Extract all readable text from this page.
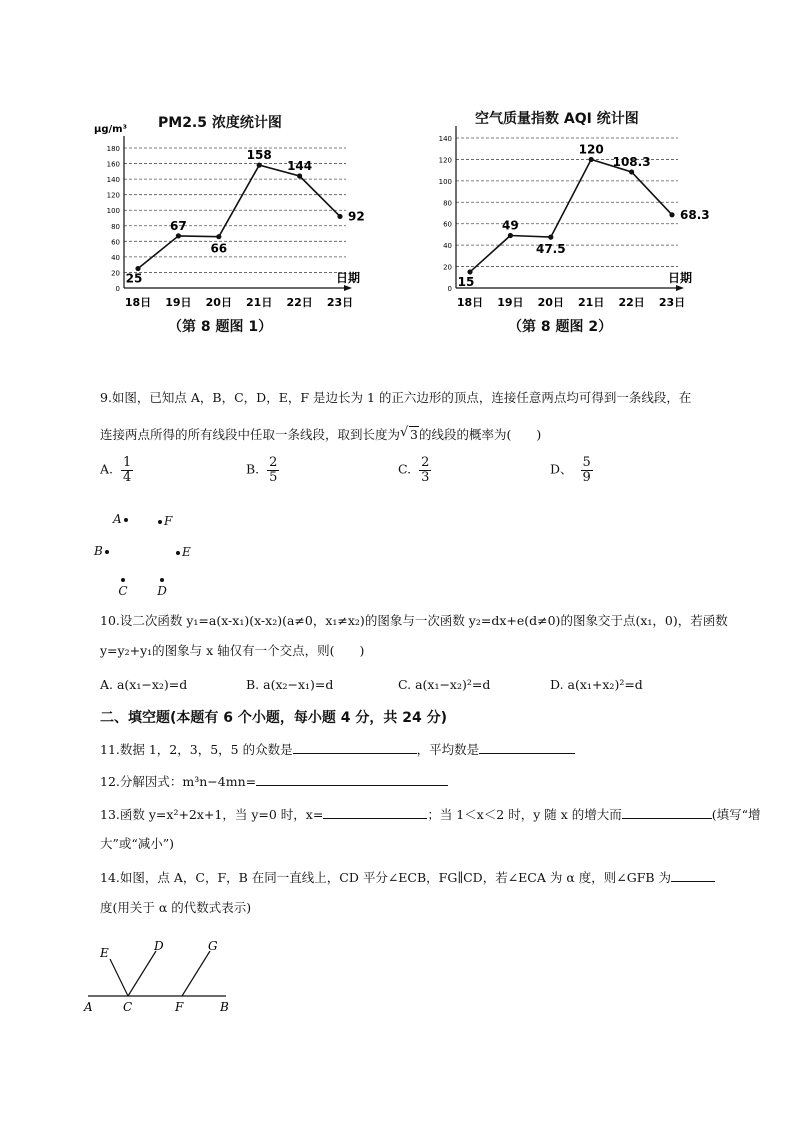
PM2.5 浓度统计图
（第 8 题图 1）
0
20
40
60
80
100
120
140
160
180
μg/m³
日期
18日 19日 20日 21日 22日 23日
25
67
66
158
144
92
空气质量指数 AQI 统计图
（第 8 题图 2）
0
20
40
60
80
100
120
140
日期
18日 19日 20日 21日 22日 23日
15
49
47.5
120
108.3
68.3
9.如图，已知点 A，B，C，D，E，F 是边长为 1 的正六边形的顶点，连接任意两点均可得到一条线段，在
连接两点所得的所有线段中任取一条线段，取到长度为 √ 3的线段的概率为(　　)
A. $\frac{1}{4}$	B. $\frac{2}{5}$	C. $\frac{2}{3}$	D、 $\frac{5}{9}$
A	F
B	E
C D
10.设二次函数 y₁=a(x-x₁)(x-x₂)(a≠0，x₁≠x₂)的图象与一次函数 y₂=dx+e(d≠0)的图象交于点(x₁，0)，若函数
y=y₂+y₁的图象与 x 轴仅有一个交点，则(　　)
A. a(x₁−x₂)=d	B. a(x₂−x₁)=d	C. a(x₁−x₂)²=d	D. a(x₁+x₂)²=d
二、填空题(本题有 6 个小题，每小题 4 分，共 24 分)
11.数据 1，2，3，5，5 的众数是	，平均数是
12.分解因式：m³n−4mn=
13.函数 y=x²+2x+1，当 y=0 时，x=	；当 1＜x＜2 时，y 随 x 的增大而	(填写“增
大”或“减小”)
14.如图，点 A，C，F，B 在同一直线上，CD 平分∠ECB，FG∥CD，若∠ECA 为 α 度，则∠GFB 为
度(用关于 α 的代数式表示)
E	D	G
A	C	F	B
